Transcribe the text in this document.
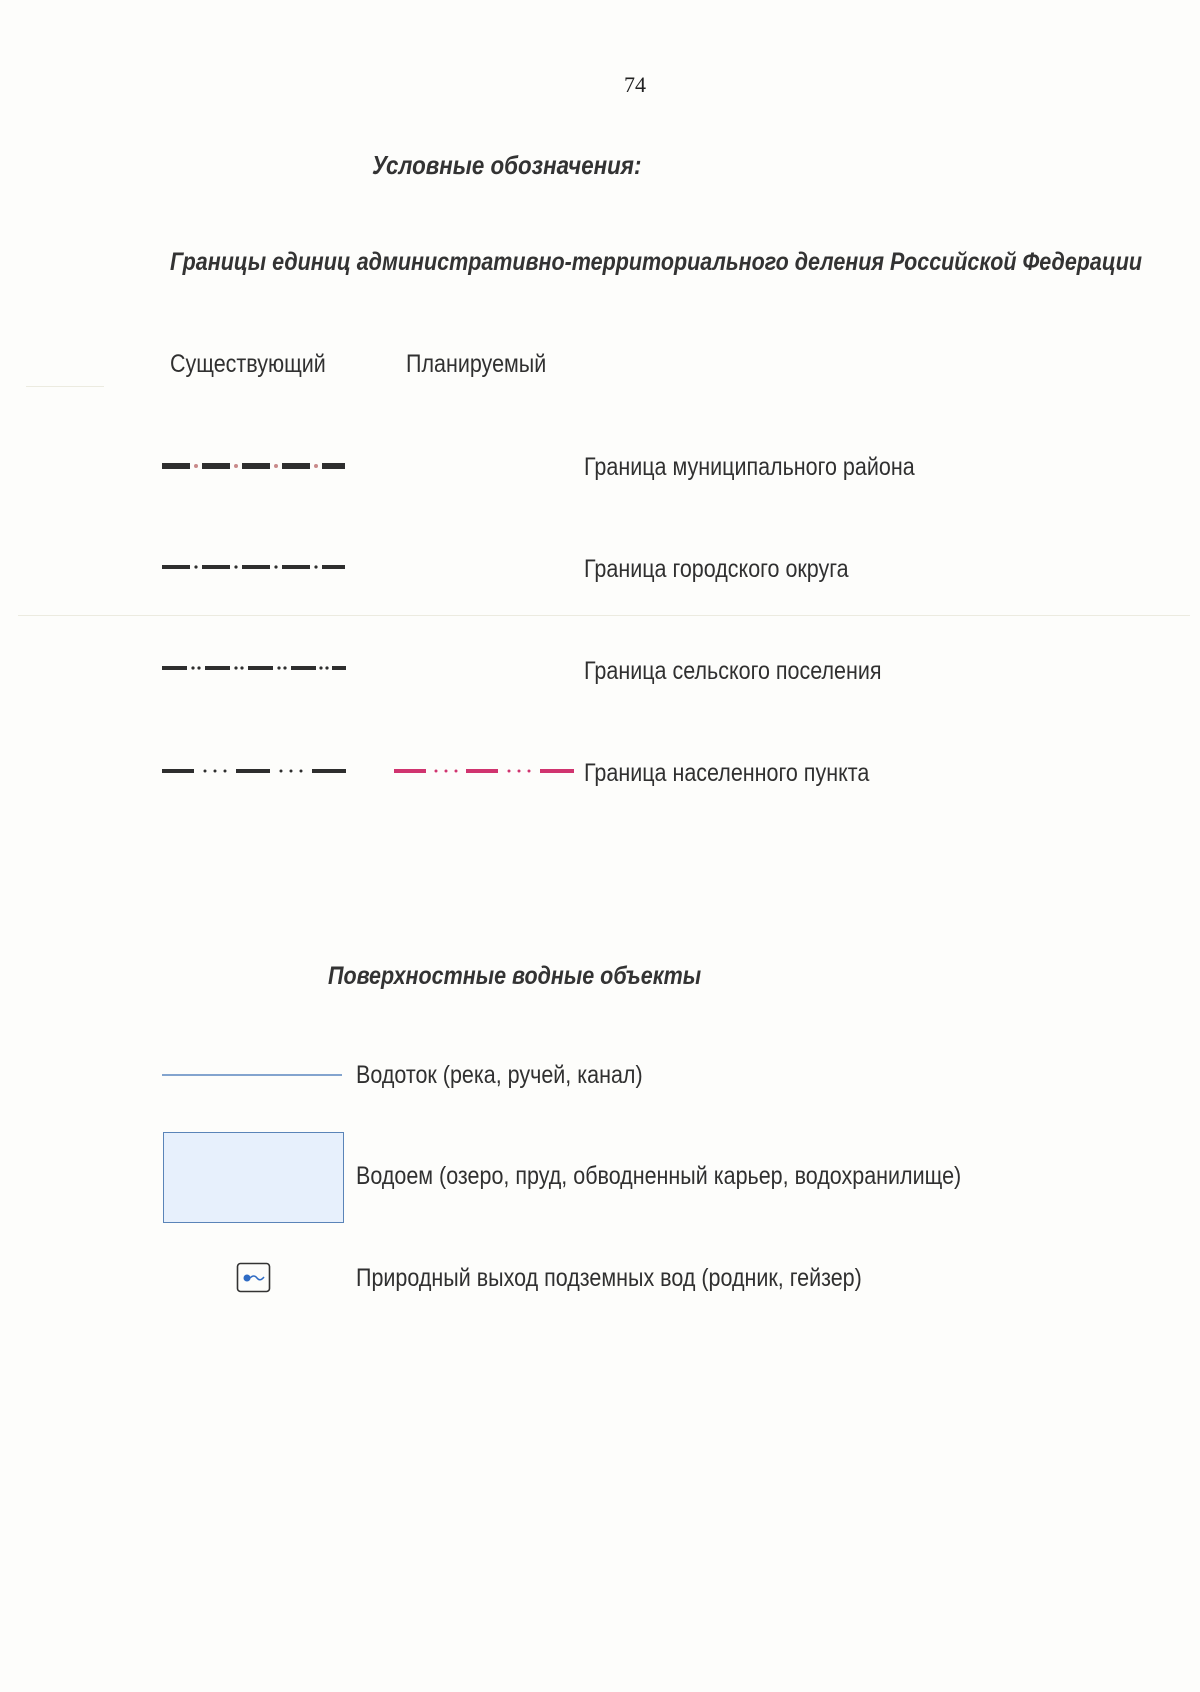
74
Условные обозначения:
Границы единиц административно-территориального деления Российской Федерации
Существующий	Планируемый
Граница муниципального района
Граница городского округа
Граница сельского поселения
Граница населенного пункта
Поверхностные водные объекты
Водоток (река, ручей, канал)
Водоем (озеро, пруд, обводненный карьер, водохранилище)
Природный выход подземных вод (родник, гейзер)
